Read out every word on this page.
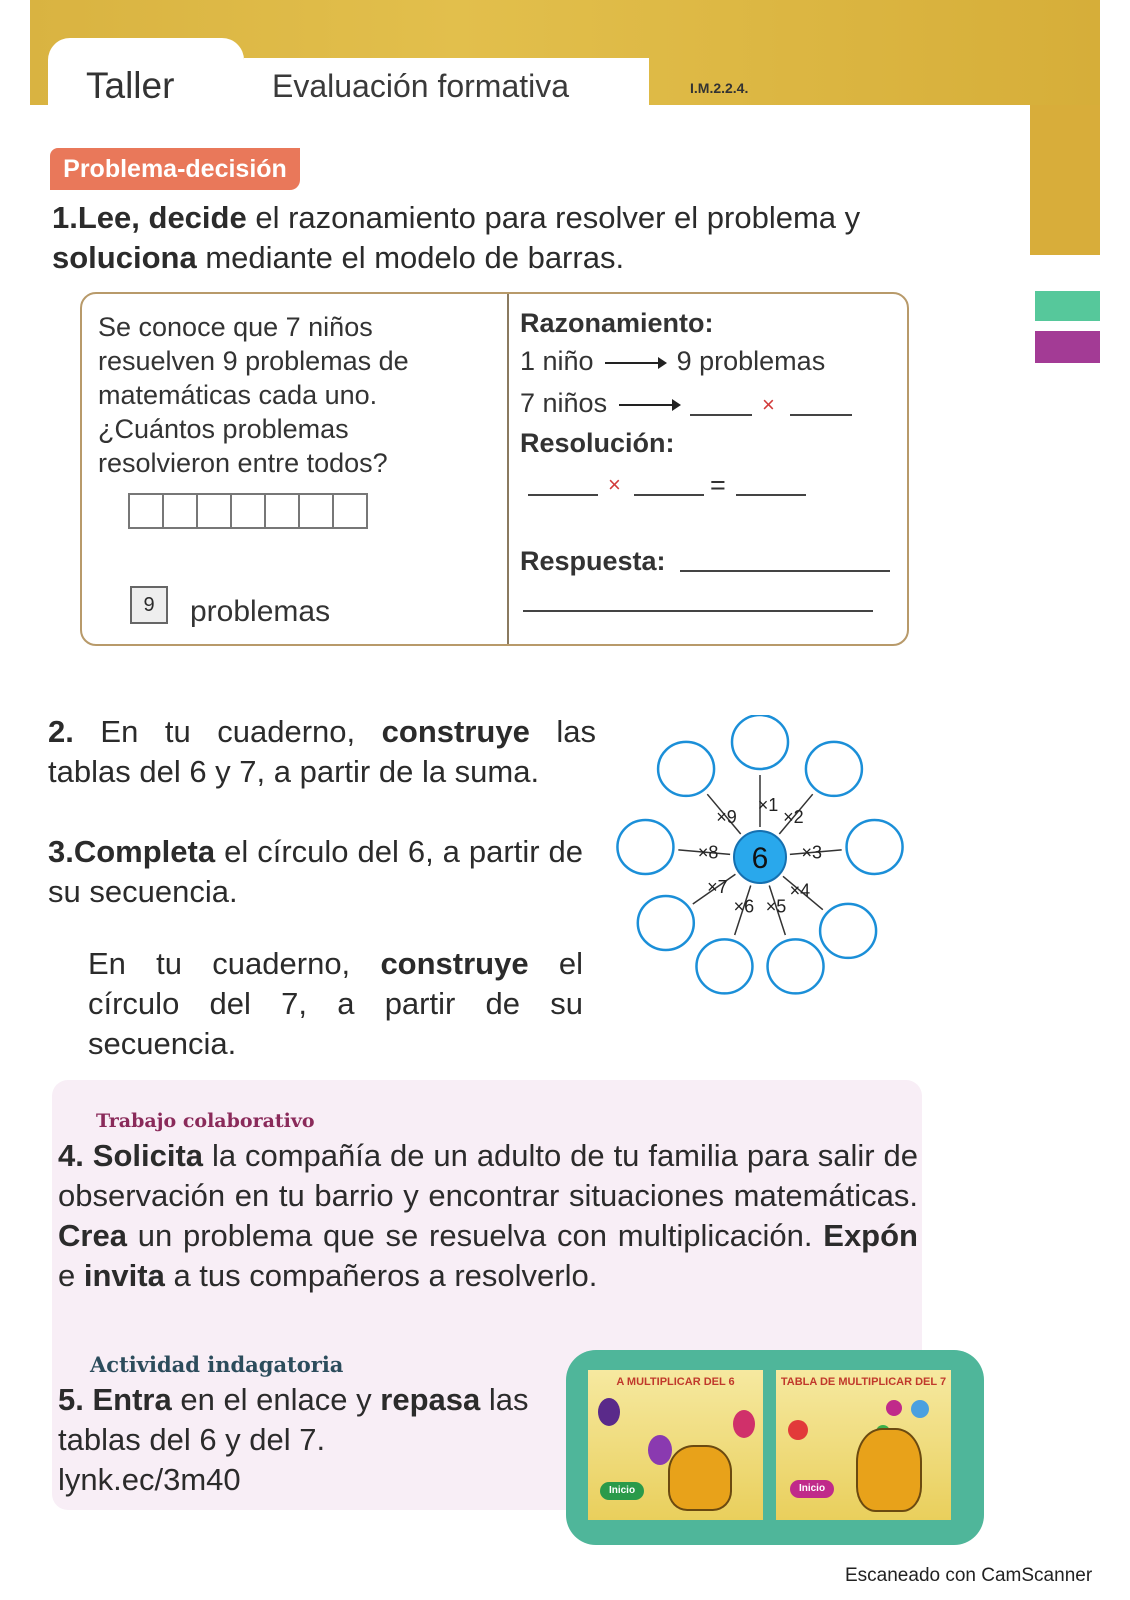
Taller	Evaluación formativa	I.M.2.2.4.
Problema-decisión
1.Lee, decide el razonamiento para resolver el problema y soluciona mediante el modelo de barras.
Se conoce que 7 niños resuelven 9 problemas de matemáticas cada uno. ¿Cuántos problemas resolvieron entre todos?
9	problemas
Razonamiento:
1 niño	9 problemas
7 niños	×
Resolución:
×	=
Respuesta:
2. En tu cuaderno, construye las tablas del 6 y 7, a partir de la suma.
3.Completa el círculo del 6, a partir de su secuencia.
En tu cuaderno, construye el círculo del 7, a partir de su secuencia.
×1
×2
×3
×4
×5
×6
×7
×8
×9
6
Trabajo colaborativo
4. Solicita la compañía de un adulto de tu familia para salir de observación en tu barrio y encontrar situaciones matemáticas. Crea un problema que se resuelva con multiplicación. Expón e invita a tus compañeros a resolverlo.
Actividad indagatoria
5. Entra en el enlace y repasa las tablas del 6 y del 7.
lynk.ec/3m40
A MULTIPLICAR DEL 6
Inicio
TABLA DE MULTIPLICAR DEL 7
Inicio
Escaneado con CamScanner
